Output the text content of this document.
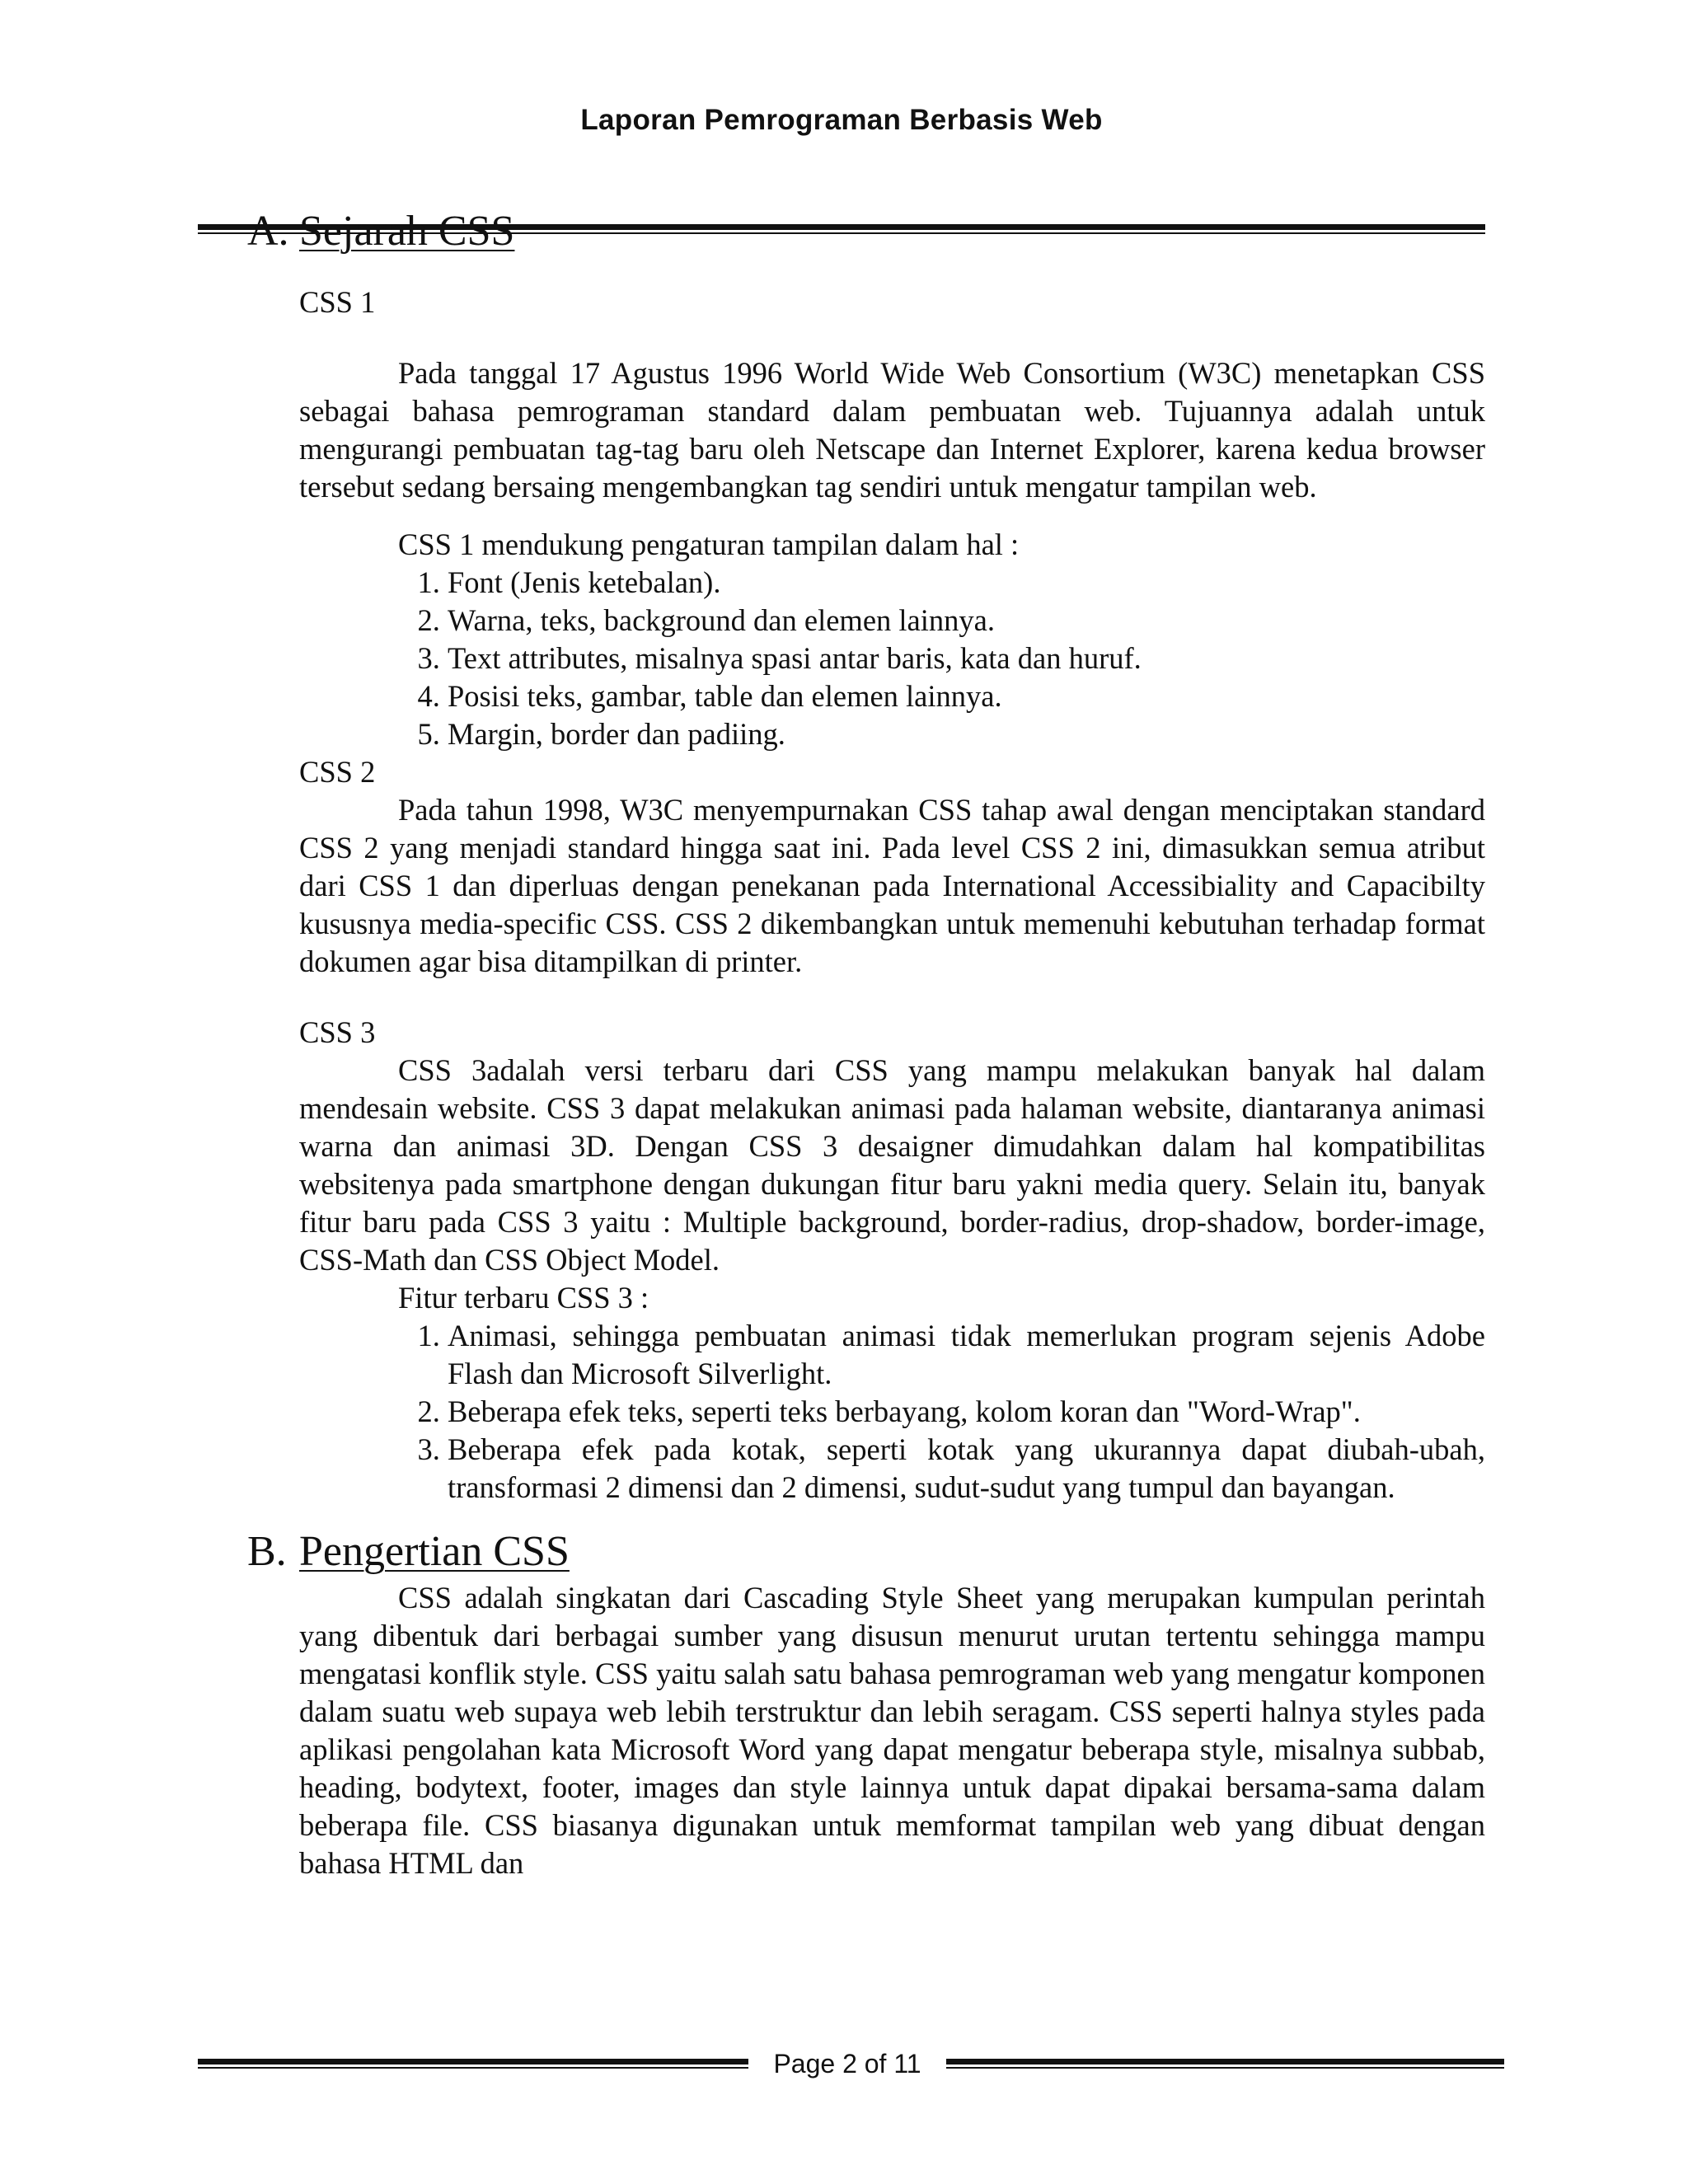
Laporan Pemrograman Berbasis Web
A. Sejarah CSS
CSS 1

Pada tanggal 17 Agustus 1996 World Wide Web Consortium (W3C) menetapkan CSS sebagai bahasa pemrograman standard dalam pembuatan web. Tujuannya adalah untuk mengurangi pembuatan tag-tag baru oleh Netscape dan Internet Explorer, karena kedua browser tersebut sedang bersaing mengembangkan tag sendiri untuk mengatur tampilan web.

CSS 1 mendukung pengaturan tampilan dalam hal :
1. Font (Jenis ketebalan).
2. Warna, teks, background dan elemen lainnya.
3. Text attributes, misalnya spasi antar baris, kata dan huruf.
4. Posisi teks, gambar, table dan elemen lainnya.
5. Margin, border dan padiing.
CSS 2

Pada tahun 1998, W3C menyempurnakan CSS tahap awal dengan menciptakan standard CSS 2 yang menjadi standard hingga saat ini. Pada level CSS 2 ini, dimasukkan semua atribut dari CSS 1 dan diperluas dengan penekanan pada International Accessibiality and Capacibilty kususnya media-specific CSS. CSS 2 dikembangkan untuk memenuhi kebutuhan terhadap format dokumen agar bisa ditampilkan di printer.

CSS 3

CSS 3adalah versi terbaru dari CSS yang mampu melakukan banyak hal dalam mendesain website. CSS 3 dapat melakukan animasi pada halaman website, diantaranya animasi warna dan animasi 3D. Dengan CSS 3 desaigner dimudahkan dalam hal kompatibilitas websitenya pada smartphone dengan dukungan fitur baru yakni media query. Selain itu, banyak fitur baru pada CSS 3 yaitu : Multiple background, border-radius, drop-shadow, border-image, CSS-Math dan CSS Object Model.

Fitur terbaru CSS 3 :
1. Animasi, sehingga pembuatan animasi tidak memerlukan program sejenis Adobe Flash dan Microsoft Silverlight.
2. Beberapa efek teks, seperti teks berbayang, kolom koran dan "Word-Wrap".
3. Beberapa efek pada kotak, seperti kotak yang ukurannya dapat diubah-ubah, transformasi 2 dimensi dan 2 dimensi, sudut-sudut yang tumpul dan bayangan.
B. Pengertian CSS

CSS adalah singkatan dari Cascading Style Sheet yang merupakan kumpulan perintah yang dibentuk dari berbagai sumber yang disusun menurut urutan tertentu sehingga mampu mengatasi konflik style. CSS yaitu salah satu bahasa pemrograman web yang mengatur komponen dalam suatu web supaya web lebih terstruktur dan lebih seragam. CSS seperti halnya styles pada aplikasi pengolahan kata Microsoft Word yang dapat mengatur beberapa style, misalnya subbab, heading, bodytext, footer, images dan style lainnya untuk dapat dipakai bersama-sama dalam beberapa file. CSS biasanya digunakan untuk memformat tampilan web yang dibuat dengan bahasa HTML dan

Page 2 of 11
